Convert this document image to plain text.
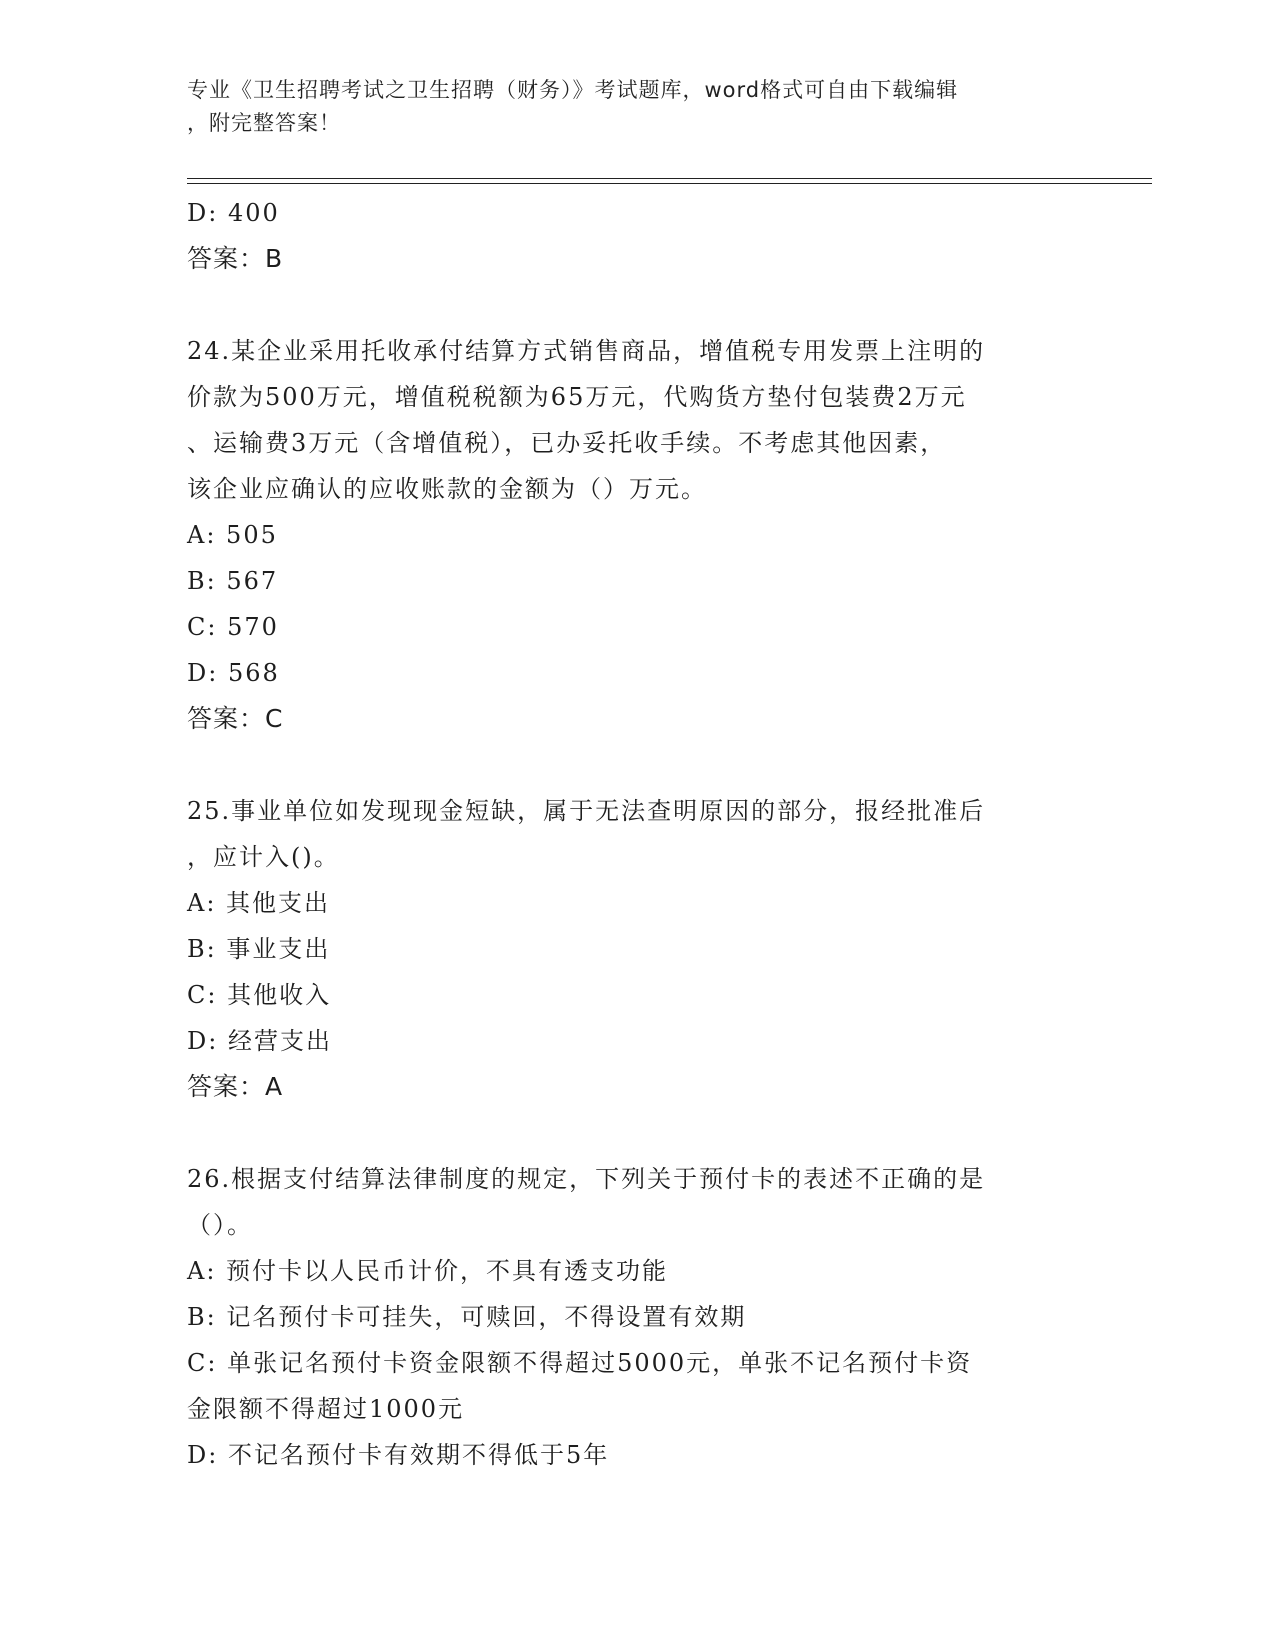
专业《卫生招聘考试之卫生招聘（财务）》考试题库，word格式可自由下载编辑
，附完整答案！

D: 400

答案：B

24.某企业采用托收承付结算方式销售商品，增值税专用发票上注明的

价款为500万元，增值税税额为65万元，代购货方垫付包装费2万元

、运输费3万元（含增值税），已办妥托收手续。不考虑其他因素，

该企业应确认的应收账款的金额为（）万元。

A: 505

B: 567

C: 570

D: 568

答案：C

25.事业单位如发现现金短缺，属于无法查明原因的部分，报经批准后

，应计入()。

A: 其他支出

B: 事业支出

C: 其他收入

D: 经营支出

答案：A

26.根据支付结算法律制度的规定，下列关于预付卡的表述不正确的是

（）。

A: 预付卡以人民币计价，不具有透支功能

B: 记名预付卡可挂失，可赎回，不得设置有效期

C: 单张记名预付卡资金限额不得超过5000元，单张不记名预付卡资

金限额不得超过1000元

D: 不记名预付卡有效期不得低于5年
